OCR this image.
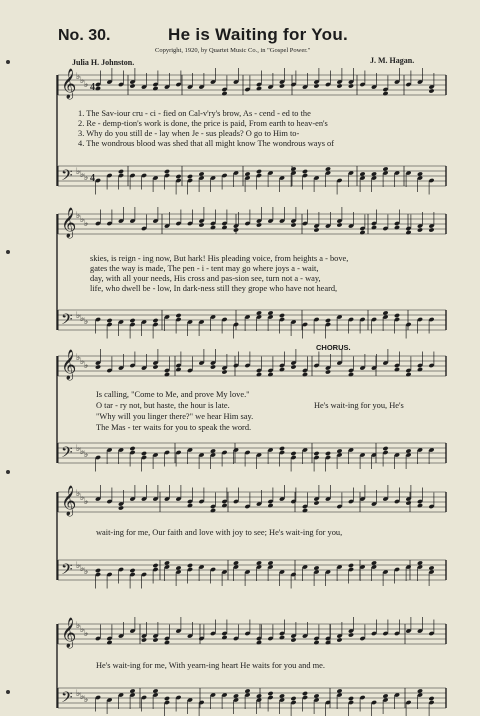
No. 30.	He is Waiting for You.
Copyright, 1920, by Quartet Music Co., in "Gospel Power."
Julia H. Johnston.	J. M. Hagan.
𝄞 ♭ ♭ ♭ 4
𝄢 ♭ ♭ ♭ 4
𝄞 ♭ ♭ ♭
𝄢 ♭ ♭ ♭
𝄞 ♭ ♭ ♭
𝄢 ♭ ♭ ♭
𝄞 ♭ ♭ ♭
𝄢 ♭ ♭ ♭
𝄞 ♭ ♭ ♭
𝄢 ♭ ♭ ♭
1. The Sav-iour cru - ci - fied on Cal-v'ry's brow, As - cend - ed to the
2. Re - demp-tion's work is done, the price is paid, From earth to heav-en's
3. Why do you still de - lay when Je - sus pleads? O go to Him to-
4. The wondrous blood was shed that all might know The wondrous ways of
skies, is reign - ing now, But hark! His pleading voice, from heights a - bove,
gates the way is made, The pen - i - tent may go where joys a - wait,
day, with all your needs, His cross and pas-sion see, turn not a - way,
life, who dwell be - low, In dark-ness still they grope who have not heard,
CHORUS.
Is calling, "Come to Me, and prove My love."
O tar - ry not, but haste, the hour is late.
"Why will you linger there?" we hear Him say.
The Mas - ter waits for you to speak the word.
He's wait-ing for you, He's
wait-ing for me, Our faith and love with joy to see; He's wait-ing for you,
He's wait-ing for me, With yearn-ing heart He waits for you and me.
